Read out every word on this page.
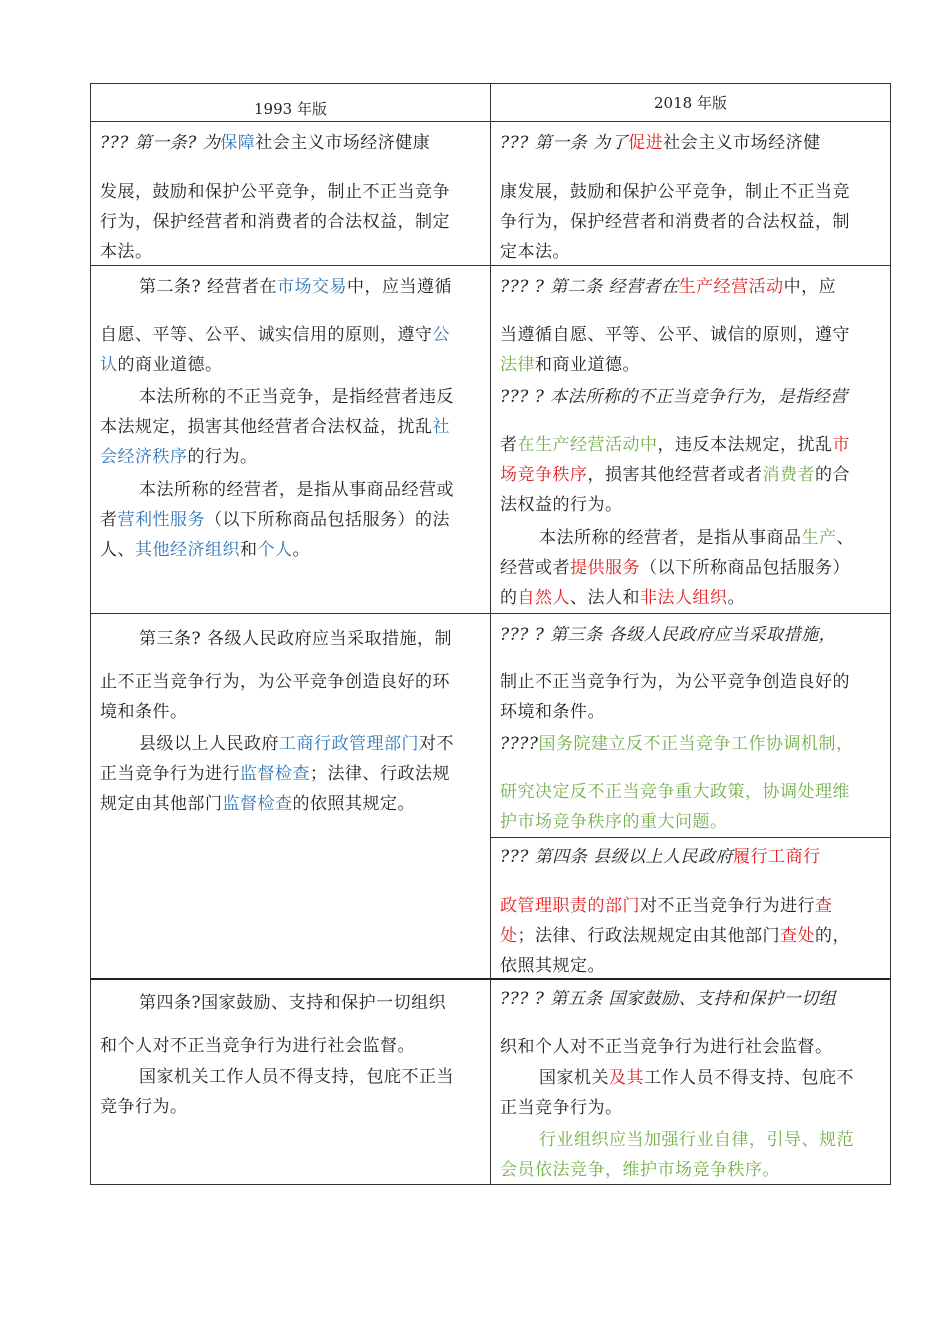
1993 年版
??? 第一条? 为保障社会主义市场经济健康
发展，鼓励和保护公平竞争，制止不正当竞争
行为，保护经营者和消费者的合法权益，制定
本法。
第二条? 经营者在市场交易中，应当遵循
自愿、平等、公平、诚实信用的原则，遵守公
认的商业道德。
本法所称的不正当竞争，是指经营者违反
本法规定，损害其他经营者合法权益，扰乱社
会经济秩序的行为。
本法所称的经营者，是指从事商品经营或
者营利性服务（以下所称商品包括服务）的法
人、其他经济组织和个人。
第三条? 各级人民政府应当采取措施，制
止不正当竞争行为，为公平竞争创造良好的环
境和条件。
县级以上人民政府工商行政管理部门对不
正当竞争行为进行监督检查；法律、行政法规
规定由其他部门监督检查的依照其规定。
第四条?国家鼓励、支持和保护一切组织
和个人对不正当竞争行为进行社会监督。
国家机关工作人员不得支持，包庇不正当
竞争行为。
2018 年版
??? 第一条 为了促进社会主义市场经济健
康发展，鼓励和保护公平竞争，制止不正当竞
争行为，保护经营者和消费者的合法权益，制
定本法。
??? ? 第二条 经营者在生产经营活动中，应
当遵循自愿、平等、公平、诚信的原则，遵守
法律和商业道德。
??? ? 本法所称的不正当竞争行为，是指经营
者在生产经营活动中，违反本法规定，扰乱市
场竞争秩序，损害其他经营者或者消费者的合
法权益的行为。
本法所称的经营者，是指从事商品生产、
经营或者提供服务（以下所称商品包括服务）
的自然人、法人和非法人组织。
??? ? 第三条 各级人民政府应当采取措施，
制止不正当竞争行为，为公平竞争创造良好的
环境和条件。
????国务院建立反不正当竞争工作协调机制，
研究决定反不正当竞争重大政策，协调处理维
护市场竞争秩序的重大问题。
??? 第四条 县级以上人民政府履行工商行
政管理职责的部门对不正当竞争行为进行查
处；法律、行政法规规定由其他部门查处的，
依照其规定。
??? ? 第五条 国家鼓励、支持和保护一切组
织和个人对不正当竞争行为进行社会监督。
国家机关及其工作人员不得支持、包庇不
正当竞争行为。
行业组织应当加强行业自律，引导、规范
会员依法竞争，维护市场竞争秩序。
